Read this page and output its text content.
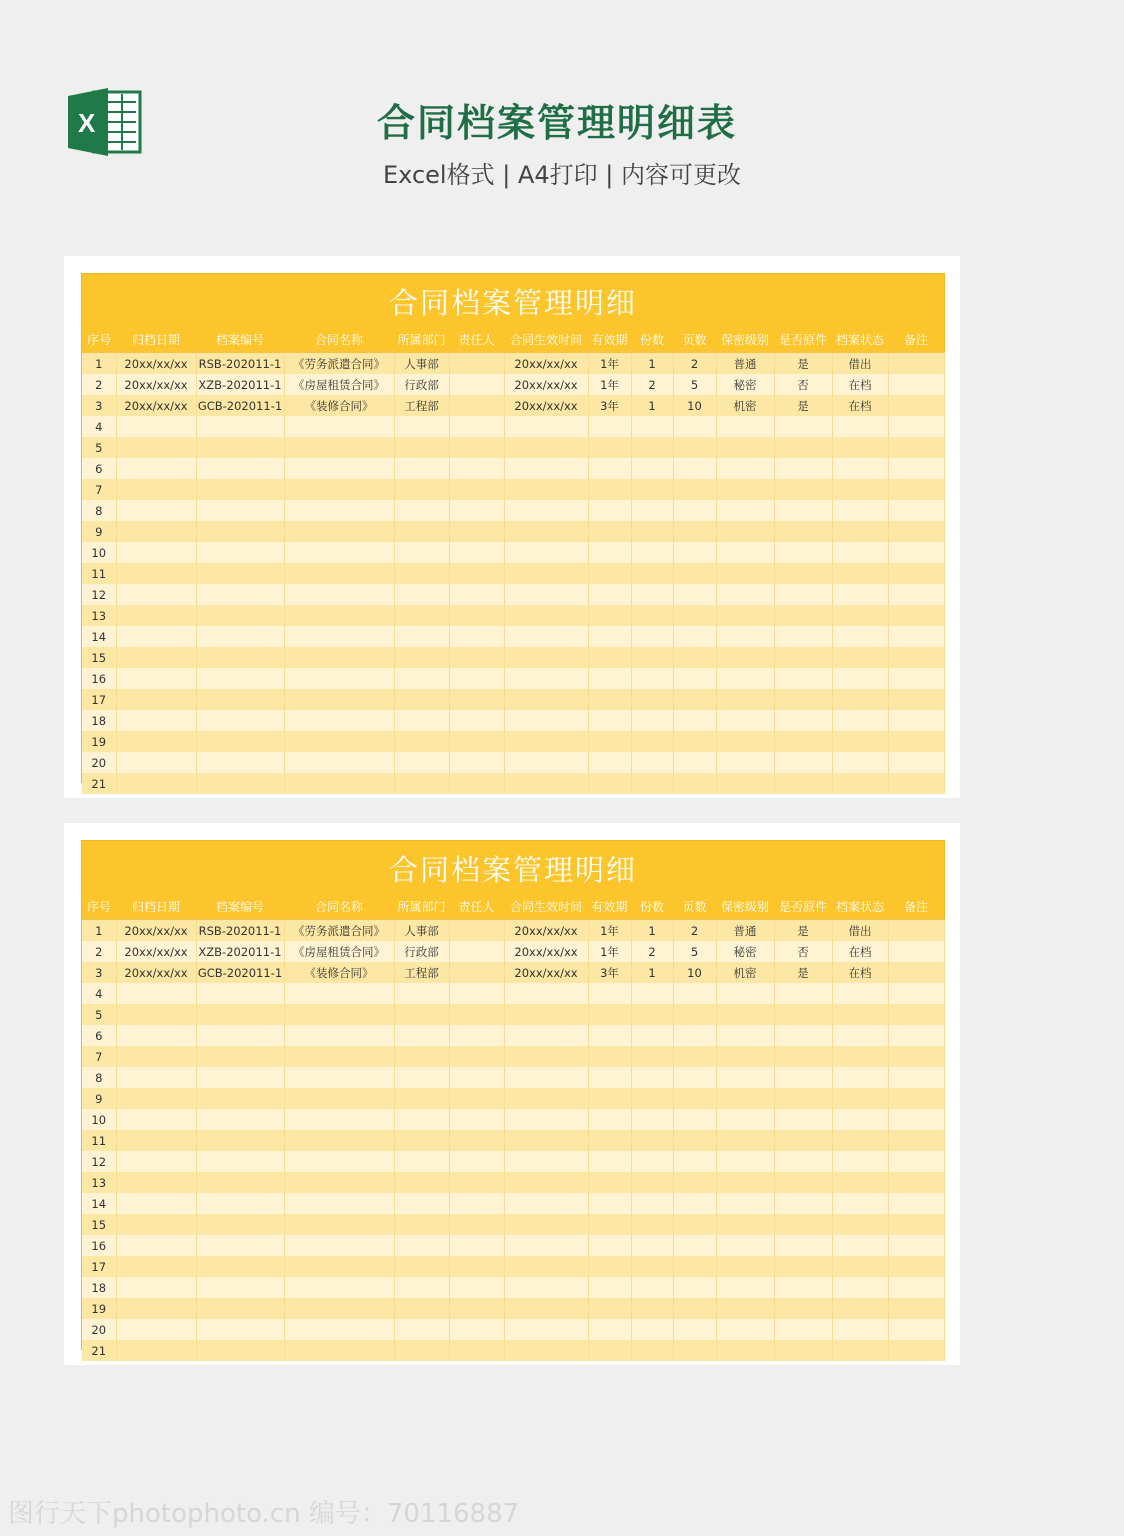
X	合同档案管理明细表
Excel格式 | A4打印 | 内容可更改
合同档案管理明细
序号	归档日期	档案编号	合同名称	所属部门	责任人	合同生效时间	有效期	份数	页数	保密级别	是否原件	档案状态	备注
1	20xx/xx/xx	RSB-202011-1	《劳务派遣合同》	人事部		20xx/xx/xx	1年	1	2	普通	是	借出	
2	20xx/xx/xx	XZB-202011-1	《房屋租赁合同》	行政部		20xx/xx/xx	1年	2	5	秘密	否	在档	
3	20xx/xx/xx	GCB-202011-1	《装修合同》	工程部		20xx/xx/xx	3年	1	10	机密	是	在档	
4													
5													
6													
7													
8													
9													
10													
11													
12													
13													
14													
15													
16													
17													
18													
19													
20													
21													
合同档案管理明细
序号	归档日期	档案编号	合同名称	所属部门	责任人	合同生效时间	有效期	份数	页数	保密级别	是否原件	档案状态	备注
1	20xx/xx/xx	RSB-202011-1	《劳务派遣合同》	人事部		20xx/xx/xx	1年	1	2	普通	是	借出	
2	20xx/xx/xx	XZB-202011-1	《房屋租赁合同》	行政部		20xx/xx/xx	1年	2	5	秘密	否	在档	
3	20xx/xx/xx	GCB-202011-1	《装修合同》	工程部		20xx/xx/xx	3年	1	10	机密	是	在档	
4													
5													
6													
7													
8													
9													
10													
11													
12													
13													
14													
15													
16													
17													
18													
19													
20													
21													
图行天下photophoto.cn 编号：70116887
